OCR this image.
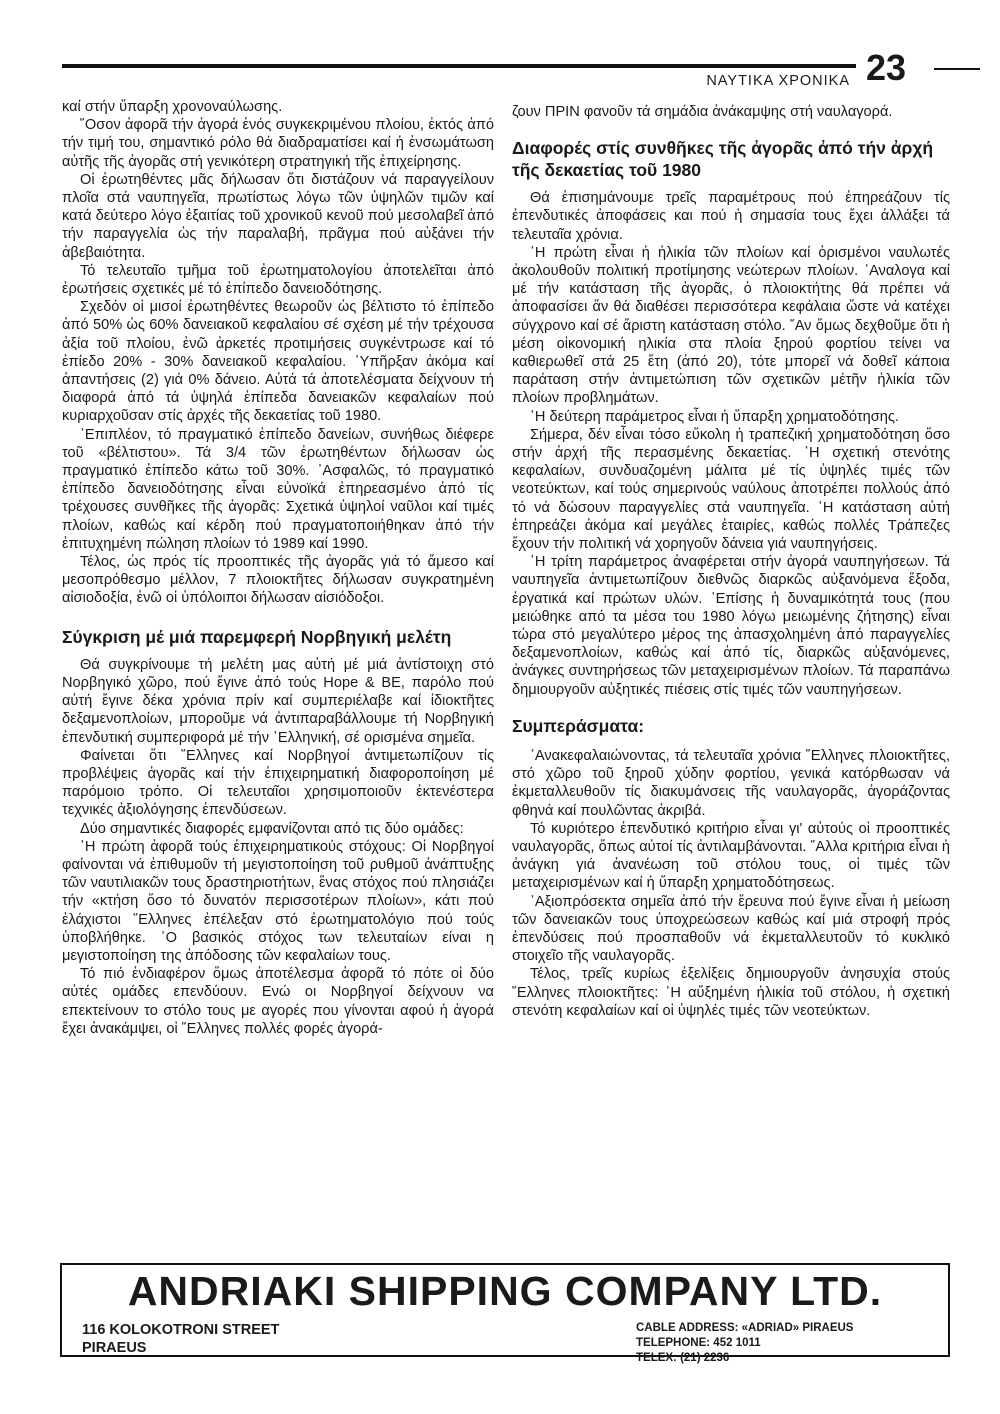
ΝΑΥΤΙΚΑ ΧΡΟΝΙΚΑ 23

καί στήν ὕπαρξη χρονοναύλωσης.

῞Οσον ἀφορᾶ τήν ἀγορά ἑνός συγκεκριμένου πλοίου, ἐκτός ἀπό τήν τιμή του, σημαντικό ρόλο θά διαδραματίσει καί ἡ ἐνσωμάτωση αὐτῆς τῆς ἀγορᾶς στή γενικότερη στρατηγική τῆς ἐπιχείρησης.

Οἱ ἐρωτηθέντες μᾶς δήλωσαν ὅτι διστάζουν νά παραγγείλουν πλοῖα στά ναυπηγεῖα, πρωτίστως λόγω τῶν ὑψηλῶν τιμῶν καί κατά δεύτερο λόγο ἐξαιτίας τοῦ χρονικοῦ κενοῦ πού μεσολαβεῖ ἀπό τήν παραγγελία ὡς τήν παραλαβή, πρᾶγμα πού αὐξάνει τήν ἀβεβαιότητα.

Τό τελευταῖο τμῆμα τοῦ ἐρωτηματολογίου ἀποτελεῖται ἀπό ἐρωτήσεις σχετικές μέ τό ἐπίπεδο δανειοδότησης.

Σχεδόν οἱ μισοί ἐρωτηθέντες θεωροῦν ὡς βέλτιστο τό ἐπίπεδο ἀπό 50% ὡς 60% δανειακοῦ κεφαλαίου σέ σχέση μέ τήν τρέχουσα ἀξία τοῦ πλοίου, ἐνῶ ἀρκετές προτιμήσεις συγκέντρωσε καί τό ἐπίεδο 20% - 30% δανειακοῦ κεφαλαίου. ῾Υπῆρξαν ἀκόμα καί ἀπαντήσεις (2) γιά 0% δάνειο. Αὐτά τά ἀποτελέσματα δείχνουν τή διαφορά ἀπό τά ὑψηλά ἐπίπεδα δανειακῶν κεφαλαίων πού κυριαρχοῦσαν στίς ἀρχές τῆς δεκαετίας τοῦ 1980.

᾿Επιπλέον, τό πραγματικό ἐπίπεδο δανείων, συνήθως διέφερε τοῦ «βέλτιστου». Τά 3/4 τῶν ἐρωτηθέντων δήλωσαν ὡς πραγματικό ἐπίπεδο κάτω τοῦ 30%. ᾿Ασφαλῶς, τό πραγματικό ἐπίπεδο δανειοδότησης εἶναι εὐνοϊκά ἐπηρεασμένο ἀπό τίς τρέχουσες συνθῆκες τῆς ἀγορᾶς: Σχετικά ὑψηλοί ναῦλοι καί τιμές πλοίων, καθώς καί κέρδη πού πραγματοποιήθηκαν ἀπό τήν ἐπιτυχημένη πώληση πλοίων τό 1989 καί 1990.

Τέλος, ὡς πρός τίς προοπτικές τῆς ἀγορᾶς γιά τό ἄμεσο καί μεσοπρόθεσμο μέλλον, 7 πλοιοκτῆτες δήλωσαν συγκρατημένη αἰσιοδοξία, ἐνῶ οἱ ὑπόλοιποι δήλωσαν αἰσιόδοξοι.

Σύγκριση μέ μιά παρεμφερή Νορβηγική μελέτη

Θά συγκρίνουμε τή μελέτη μας αὐτή μέ μιά ἀντίστοιχη στό Νορβηγικό χῶρο, πού ἔγινε ἀπό τούς Hope & BE, παρόλο πού αὐτή ἔγινε δέκα χρόνια πρίν καί συμπεριέλαβε καί ἰδιοκτῆτες δεξαμενοπλοίων, μποροῦμε νά ἀντιπαραβάλλουμε τή Νορβηγική ἐπενδυτική συμπεριφορά μέ τήν ῾Ελληνική, σέ ορισμένα σημεῖα.

Φαίνεται ὅτι ῞Ελληνες καί Νορβηγοί ἀντιμετωπίζουν τίς προβλέψεις ἀγορᾶς καί τήν ἐπιχειρηματική διαφοροποίηση μέ παρόμοιο τρόπο. Οἱ τελευταῖοι χρησιμοποιοῦν ἐκτενέστερα τεχνικές ἀξιολόγησης ἐπενδύσεων.

Δύο σημαντικές διαφορές εμφανίζονται από τις δύο ομάδες:

῾Η πρώτη ἀφορᾶ τούς ἐπιχειρηματικούς στόχους: Οἱ Νορβηγοί φαίνονται νά ἐπιθυμοῦν τή μεγιστοποίηση τοῦ ρυθμοῦ ἀνάπτυξης τῶν ναυτιλιακῶν τους δραστηριοτήτων, ἕνας στόχος πού πλησιάζει τήν «κτήση ὅσο τό δυνατόν περισσοτέρων πλοίων», κάτι πού ἐλάχιστοι ῞Ελληνες ἐπέλεξαν στό ἐρωτηματολόγιο πού τούς ὑποβλήθηκε. ῾Ο βασικός στόχος των τελευταίων είναι η μεγιστοποίηση της ἀπόδοσης τῶν κεφαλαίων τους.

Τό πιό ἐνδιαφέρον ὅμως ἀποτέλεσμα ἀφορᾶ τό πότε οἱ δύο αὐτές ομάδες επενδύουν. Ενώ οι Νορβηγοί δείχνουν να επεκτείνουν το στόλο τους με αγορές που γίνονται αφού ἡ ἀγορά ἔχει ἀνακάμψει, οἱ ῞Ελληνες πολλές φορές ἀγορά-

ζουν ΠΡΙΝ φανοῦν τά σημάδια ἀνάκαμψης στή ναυλαγορά.

Διαφορές στίς συνθῆκες τῆς ἀγορᾶς ἀπό τήν ἀρχή τῆς δεκαετίας τοῦ 1980

Θά ἐπισημάνουμε τρεῖς παραμέτρους πού ἐπηρεάζουν τίς ἐπενδυτικές ἀποφάσεις και πού ἡ σημασία τους ἔχει ἀλλάξει τά τελευταῖα χρόνια.

῾Η πρώτη εἶναι ἡ ἡλικία τῶν πλοίων καί ὁρισμένοι ναυλωτές ἀκολουθοῦν πολιτική προτίμησης νεώτερων πλοίων. ᾿Αναλογα καί μέ τήν κατάσταση τῆς ἀγορᾶς, ὁ πλοιοκτήτης θά πρέπει νά ἀποφασίσει ἄν θά διαθέσει περισσότερα κεφάλαια ὥστε νά κατέχει σύγχρονο καί σέ ἄριστη κατάσταση στόλο. ῎Αν ὅμως δεχθοῦμε ὅτι ἡ μέση οἰκονομική ηλικία στα πλοία ξηρού φορτίου τείνει να καθιερωθεῖ στά 25 ἔτη (ἀπό 20), τότε μπορεῖ νά δοθεῖ κάποια παράταση στήν ἀντιμετώπιση τῶν σχετικῶν μέτῆν ἡλικία τῶν πλοίων προβλημάτων.

῾Η δεύτερη παράμετρος εἶναι ἡ ὕπαρξη χρηματοδότησης.

Σήμερα, δέν εἶναι τόσο εὔκολη ἡ τραπεζική χρηματοδότηση ὅσο στήν ἀρχή τῆς περασμένης δεκαετίας. ῾Η σχετική στενότης κεφαλαίων, συνδυαζομένη μάλιτα μέ τίς ὑψηλές τιμές τῶν νεοτεύκτων, καί τούς σημερινούς ναύλους ἀποτρέπει πολλούς ἀπό τό νά δώσουν παραγγελίες στά ναυπηγεῖα. ῾Η κατάσταση αὐτή ἐπηρεάζει ἀκόμα καί μεγάλες ἑταιρίες, καθώς πολλές Τράπεζες ἔχουν τήν πολιτική νά χορηγοῦν δάνεια γιά ναυπηγήσεις.

῾Η τρίτη παράμετρος ἀναφέρεται στήν ἀγορά ναυπηγήσεων. Τά ναυπηγεῖα ἀντιμετωπίζουν διεθνῶς διαρκῶς αὐξανόμενα ἔξοδα, ἐργατικά καί πρώτων υλών. ᾿Επίσης ἡ δυναμικότητά τους (που μειώθηκε από τα μέσα του 1980 λόγω μειωμένης ζήτησης) εἶναι τώρα στό μεγαλύτερο μέρος της ἀπασχολημένη ἀπό παραγγελίες δεξαμενοπλοίων, καθώς καί ἀπό τίς, διαρκῶς αὐξανόμενες, ἀνάγκες συντηρήσεως τῶν μεταχειρισμένων πλοίων. Τά παραπάνω δημιουργοῦν αὐξητικές πιέσεις στίς τιμές τῶν ναυπηγήσεων.

Συμπεράσματα:

᾿Ανακεφαλαιώνοντας, τά τελευταῖα χρόνια ῞Ελληνες πλοιοκτῆτες, στό χῶρο τοῦ ξηροῦ χύδην φορτίου, γενικά κατόρθωσαν νά ἐκμεταλλευθοῦν τίς διακυμάνσεις τῆς ναυλαγορᾶς, ἀγοράζοντας φθηνά καί πουλῶντας ἀκριβά.

Τό κυριότερο ἐπενδυτικό κριτήριο εἶναι γι' αὐτούς οἱ προοπτικές ναυλαγορᾶς, ὅπως αὐτοί τίς ἀντιλαμβάνονται. ῎Αλλα κριτήρια εἶναι ἡ ἀνάγκη γιά ἀνανέωση τοῦ στόλου τους, οἱ τιμές τῶν μεταχειρισμένων καί ἡ ὕπαρξη χρηματοδότησεως.

᾿Αξιοπρόσεκτα σημεῖα ἀπό τήν ἔρευνα πού ἔγινε εἶναι ἡ μείωση τῶν δανειακῶν τους ὑποχρεώσεων καθώς καί μιά στροφή πρός ἐπενδύσεις πού προσπαθοῦν νά ἐκμεταλλευτοῦν τό κυκλικό στοιχεῖο τῆς ναυλαγορᾶς.

Τέλος, τρεῖς κυρίως ἐξελίξεις δημιουργοῦν ἀνησυχία στούς ῞Ελληνες πλοιοκτῆτες: ῾Η αὔξημένη ἡλικία τοῦ στόλου, ἡ σχετική στενότη κεφαλαίων καί οἱ ὑψηλές τιμές τῶν νεοτεύκτων.

ANDRIAKI SHIPPING COMPANY LTD.
116 KOLOKOTRONI STREET
PIRAEUS
CABLE ADDRESS: «ADRIAD» PIRAEUS
TELEPHONE: 452 1011
TELEX: (21) 2236
